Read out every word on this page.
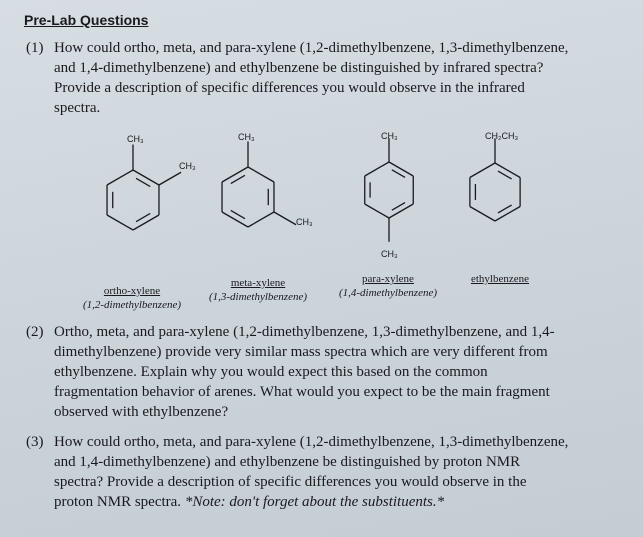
Pre-Lab Questions
(1) How could ortho, meta, and para-xylene (1,2-dimethylbenzene, 1,3-dimethylbenzene,
and 1,4-dimethylbenzene) and ethylbenzene be distinguished by infrared spectra?
Provide a description of specific differences you would observe in the infrared
spectra.
CH₃
CH₃
CH₃
CH₃
CH₃
CH₃
CH₂CH₃
ortho-xylene
(1,2-dimethylbenzene)
meta-xylene
(1,3-dimethylbenzene)
para-xylene
(1,4-dimethylbenzene)
ethylbenzene
(2) Ortho, meta, and para-xylene (1,2-dimethylbenzene, 1,3-dimethylbenzene, and 1,4-
dimethylbenzene) provide very similar mass spectra which are very different from
ethylbenzene. Explain why you would expect this based on the common
fragmentation behavior of arenes. What would you expect to be the main fragment
observed with ethylbenzene?
(3) How could ortho, meta, and para-xylene (1,2-dimethylbenzene, 1,3-dimethylbenzene,
and 1,4-dimethylbenzene) and ethylbenzene be distinguished by proton NMR
spectra? Provide a description of specific differences you would observe in the
proton NMR spectra. *Note: don't forget about the substituents.*
